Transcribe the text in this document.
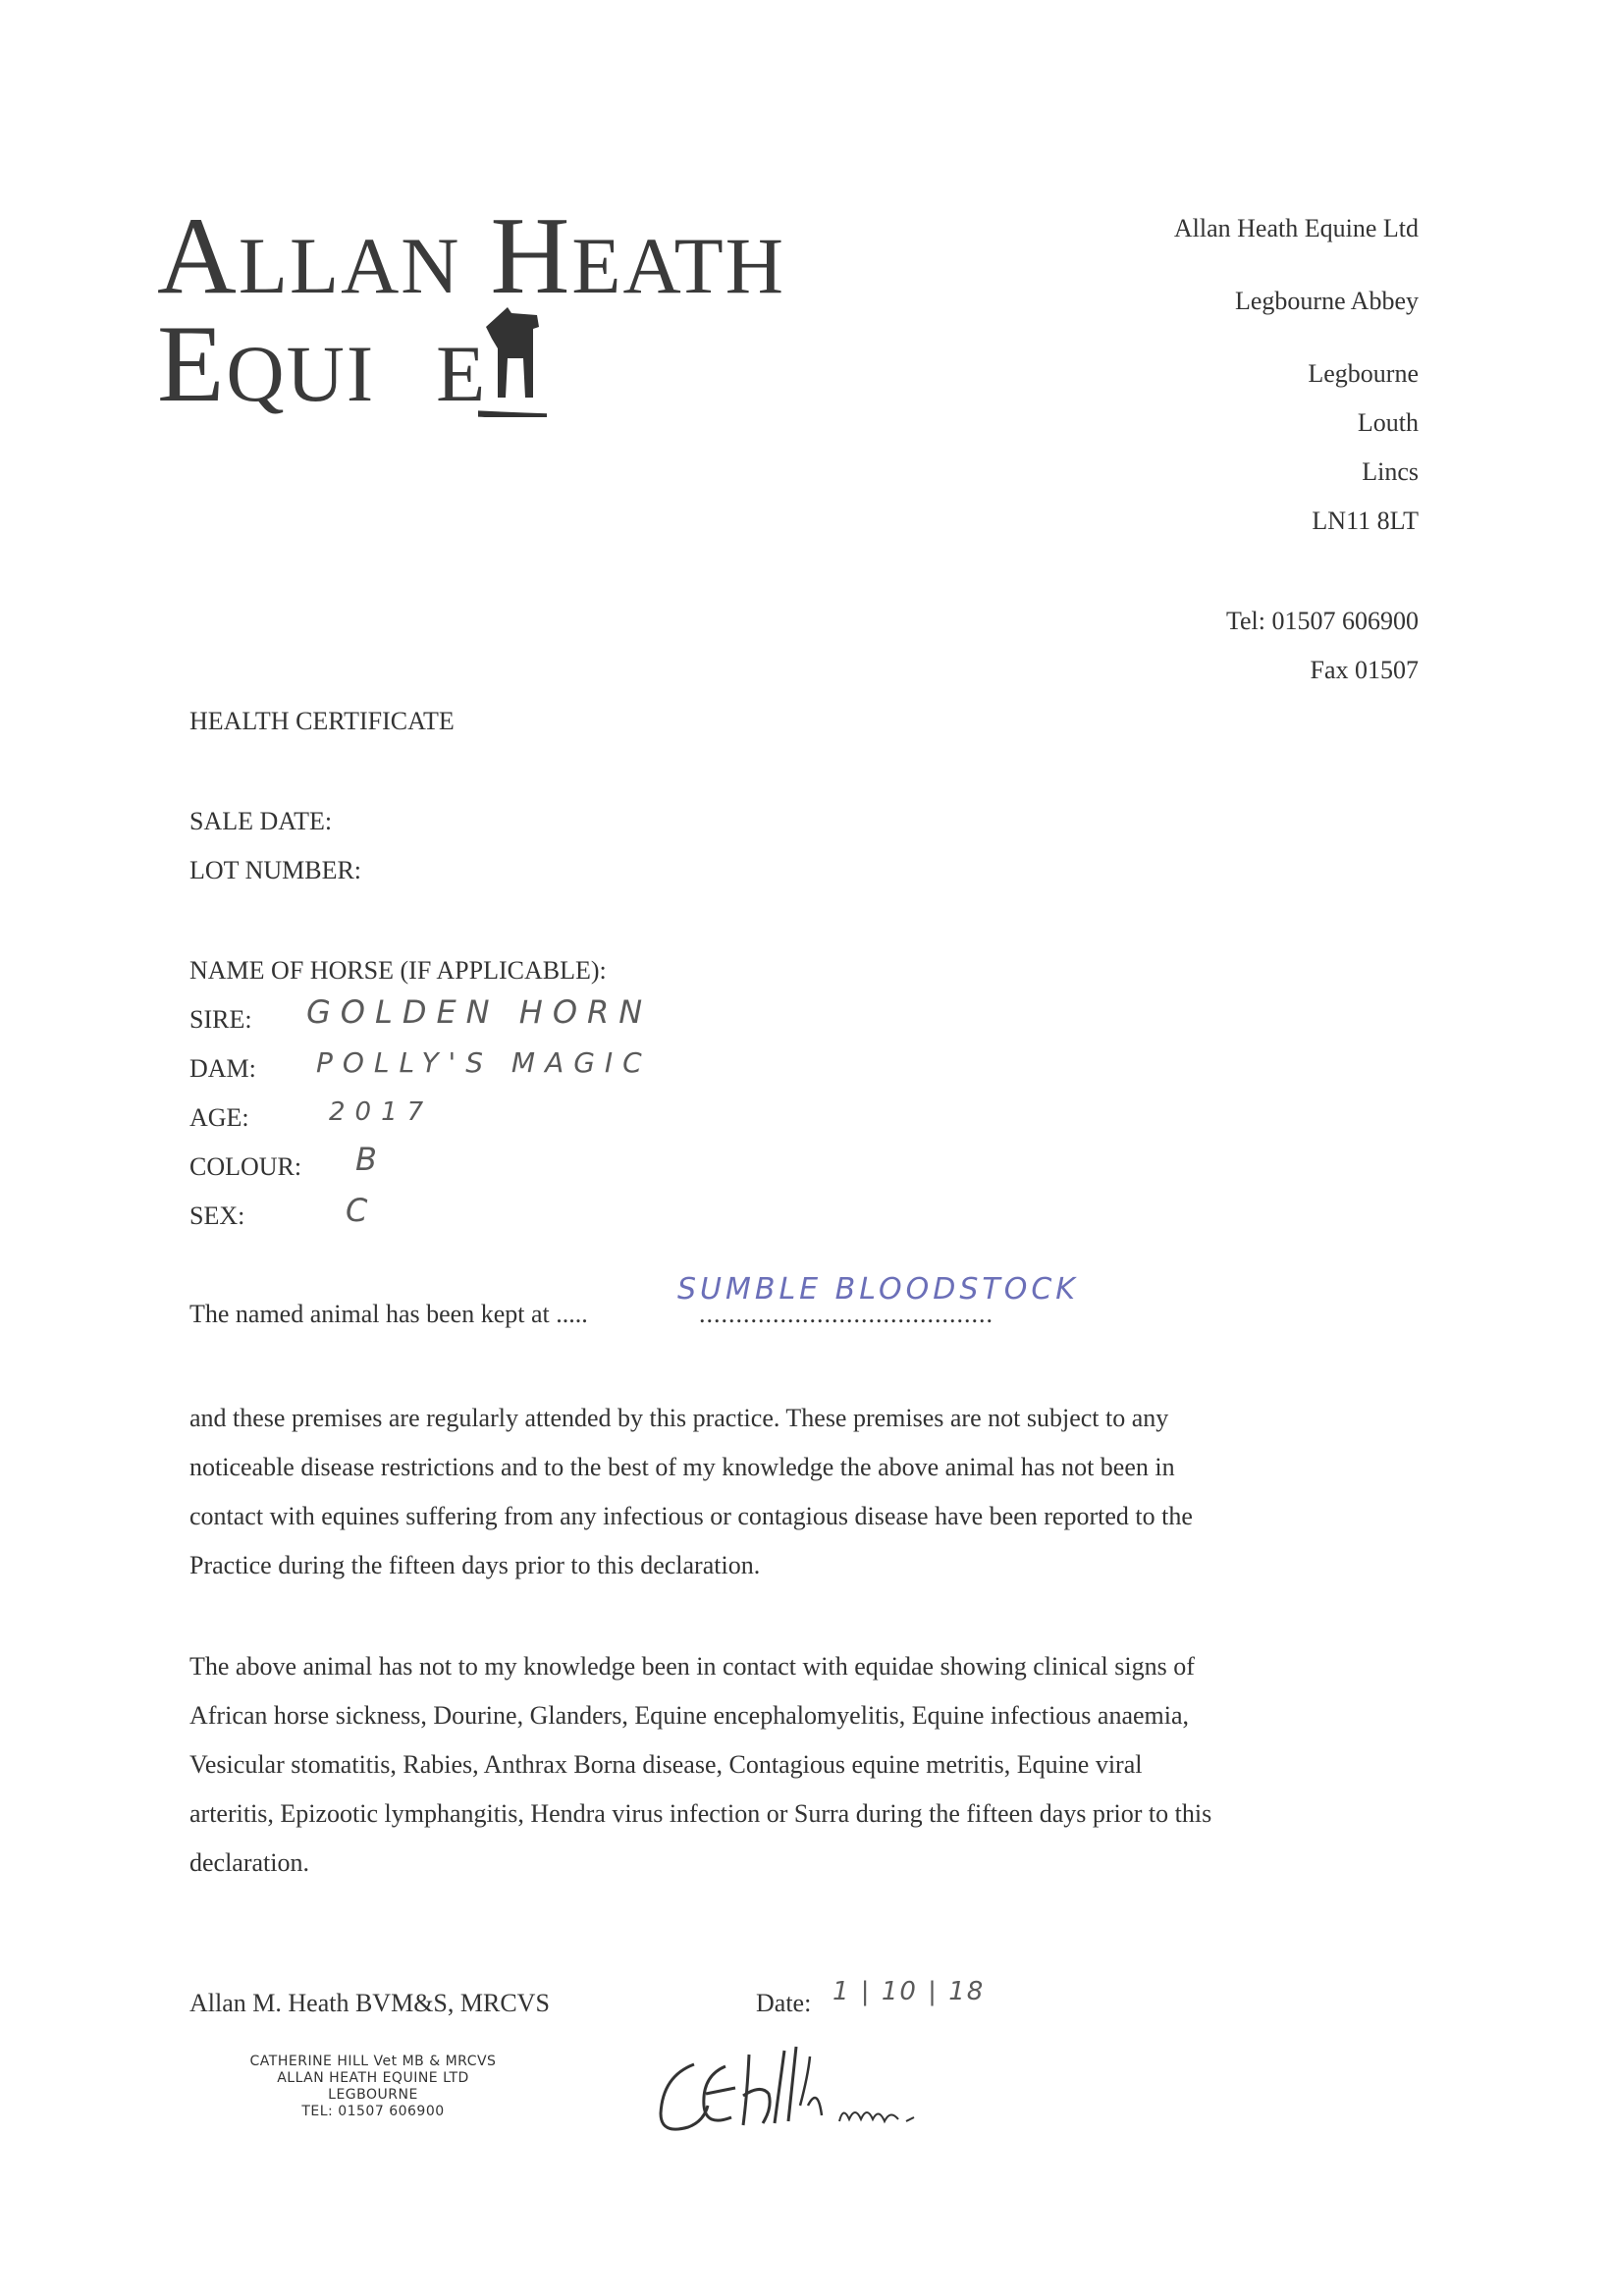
ALLAN HEATH
EQUI E
Allan Heath Equine Ltd
Legbourne Abbey
Legbourne
Louth
Lincs
LN11 8LT
Tel: 01507 606900
Fax 01507
HEALTH CERTIFICATE
SALE DATE:
LOT NUMBER:
NAME OF HORSE (IF APPLICABLE):
SIRE: GOLDEN HORN
DAM: POLLY'S MAGIC
AGE:	2017
COLOUR: B
SEX:	C
The named animal has been kept at .....
SUMBLE BLOODSTOCK
........................................
and these premises are regularly attended by this practice. These premises are not subject to any
noticeable disease restrictions and to the best of my knowledge the above animal has not been in
contact with equines suffering from any infectious or contagious disease have been reported to the
Practice during the fifteen days prior to this declaration.
The above animal has not to my knowledge been in contact with equidae showing clinical signs of
African horse sickness, Dourine, Glanders, Equine encephalomyelitis, Equine infectious anaemia,
Vesicular stomatitis, Rabies, Anthrax Borna disease, Contagious equine metritis, Equine viral
arteritis, Epizootic lymphangitis, Hendra virus infection or Surra during the fifteen days prior to this
declaration.
Allan M. Heath BVM&S, MRCVS	Date: 1 | 10 | 18
CATHERINE HILL Vet MB & MRCVS
ALLAN HEATH EQUINE LTD
LEGBOURNE
TEL: 01507 606900
